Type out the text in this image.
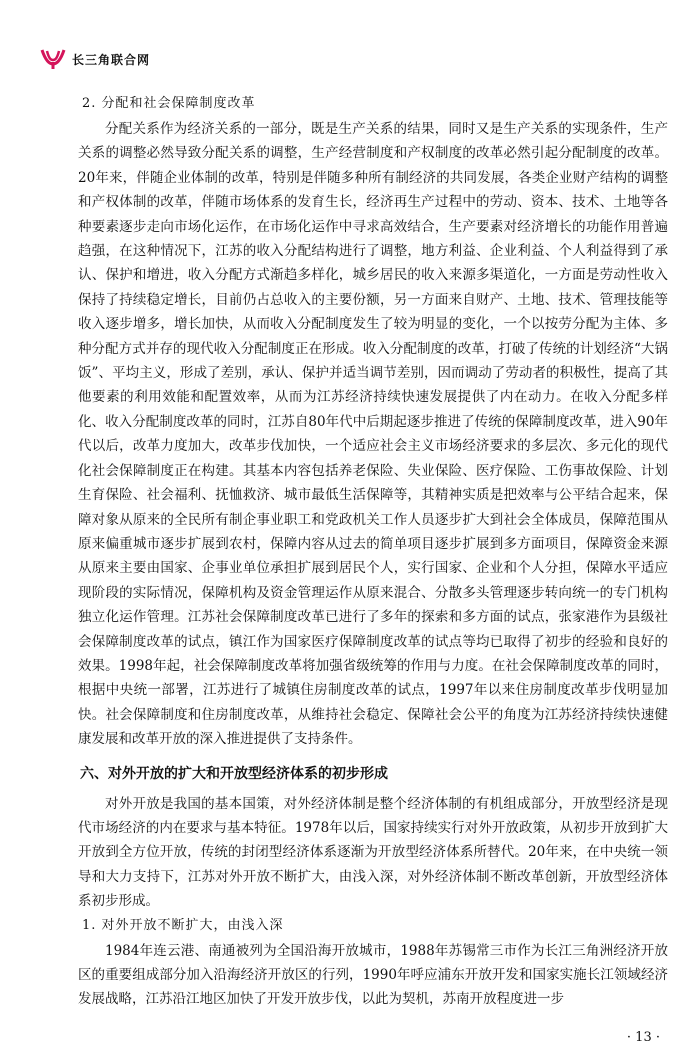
长三角联合网
2. 分配和社会保障制度改革

分配关系作为经济关系的一部分，既是生产关系的结果，同时又是生产关系的实现条件，生产关系的调整必然导致分配关系的调整，生产经营制度和产权制度的改革必然引起分配制度的改革。20年来，伴随企业体制的改革，特别是伴随多种所有制经济的共同发展，各类企业财产结构的调整和产权体制的改革，伴随市场体系的发育生长，经济再生产过程中的劳动、资本、技术、土地等各种要素逐步走向市场化运作，在市场化运作中寻求高效结合，生产要素对经济增长的功能作用普遍趋强，在这种情况下，江苏的收入分配结构进行了调整，地方利益、企业利益、个人利益得到了承认、保护和增进，收入分配方式渐趋多样化，城乡居民的收入来源多渠道化，一方面是劳动性收入保持了持续稳定增长，目前仍占总收入的主要份额，另一方面来自财产、土地、技术、管理技能等收入逐步增多，增长加快，从而收入分配制度发生了较为明显的变化，一个以按劳分配为主体、多种分配方式并存的现代收入分配制度正在形成。收入分配制度的改革，打破了传统的计划经济“大锅饭”、平均主义，形成了差别，承认、保护并适当调节差别，因而调动了劳动者的积极性，提高了其他要素的利用效能和配置效率，从而为江苏经济持续快速发展提供了内在动力。在收入分配多样化、收入分配制度改革的同时，江苏自80年代中后期起逐步推进了传统的保障制度改革，进入90年代以后，改革力度加大，改革步伐加快，一个适应社会主义市场经济要求的多层次、多元化的现代化社会保障制度正在构建。其基本内容包括养老保险、失业保险、医疗保险、工伤事故保险、计划生育保险、社会福利、抚恤救济、城市最低生活保障等，其精神实质是把效率与公平结合起来，保障对象从原来的全民所有制企事业职工和党政机关工作人员逐步扩大到社会全体成员，保障范围从原来偏重城市逐步扩展到农村，保障内容从过去的简单项目逐步扩展到多方面项目，保障资金来源从原来主要由国家、企事业单位承担扩展到居民个人，实行国家、企业和个人分担，保障水平适应现阶段的实际情况，保障机构及资金管理运作从原来混合、分散多头管理逐步转向统一的专门机构独立化运作管理。江苏社会保障制度改革已进行了多年的探索和多方面的试点，张家港作为县级社会保障制度改革的试点，镇江作为国家医疗保障制度改革的试点等均已取得了初步的经验和良好的效果。1998年起，社会保障制度改革将加强省级统筹的作用与力度。在社会保障制度改革的同时，根据中央统一部署，江苏进行了城镇住房制度改革的试点，1997年以来住房制度改革步伐明显加快。社会保障制度和住房制度改革，从维持社会稳定、保障社会公平的角度为江苏经济持续快速健康发展和改革开放的深入推进提供了支持条件。

六、对外开放的扩大和开放型经济体系的初步形成

对外开放是我国的基本国策，对外经济体制是整个经济体制的有机组成部分，开放型经济是现代市场经济的内在要求与基本特征。1978年以后，国家持续实行对外开放政策，从初步开放到扩大开放到全方位开放，传统的封闭型经济体系逐渐为开放型经济体系所替代。20年来，在中央统一领导和大力支持下，江苏对外开放不断扩大，由浅入深，对外经济体制不断改革创新，开放型经济体系初步形成。

1. 对外开放不断扩大，由浅入深

1984年连云港、南通被列为全国沿海开放城市，1988年苏锡常三市作为长江三角洲经济开放区的重要组成部分加入沿海经济开放区的行列，1990年呼应浦东开放开发和国家实施长江领域经济发展战略，江苏沿江地区加快了开发开放步伐，以此为契机，苏南开放程度进一步

· 13 ·
